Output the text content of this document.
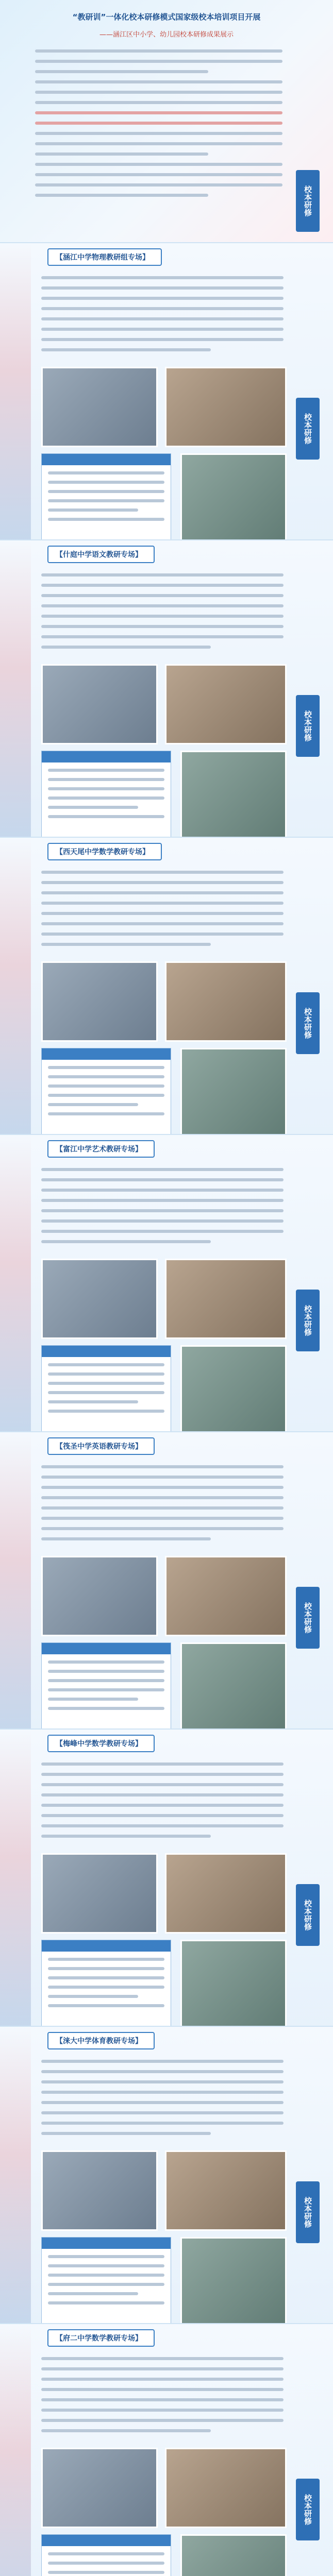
“教研训”一体化校本研修模式国家级校本培训项目开展
——涵江区中小学、幼儿园校本研修成果展示
校本研修
【涵江中学物理教研组专场】
校本研修
【什庭中学语文教研专场】
校本研修
【西天尾中学数学教研专场】
校本研修
【富江中学艺术教研专场】
校本研修
【筏圣中学英语教研专场】
校本研修
【梅峰中学数学教研专场】
校本研修
【涞大中学体育教研专场】
校本研修
【府二中学数学教研专场】
校本研修
